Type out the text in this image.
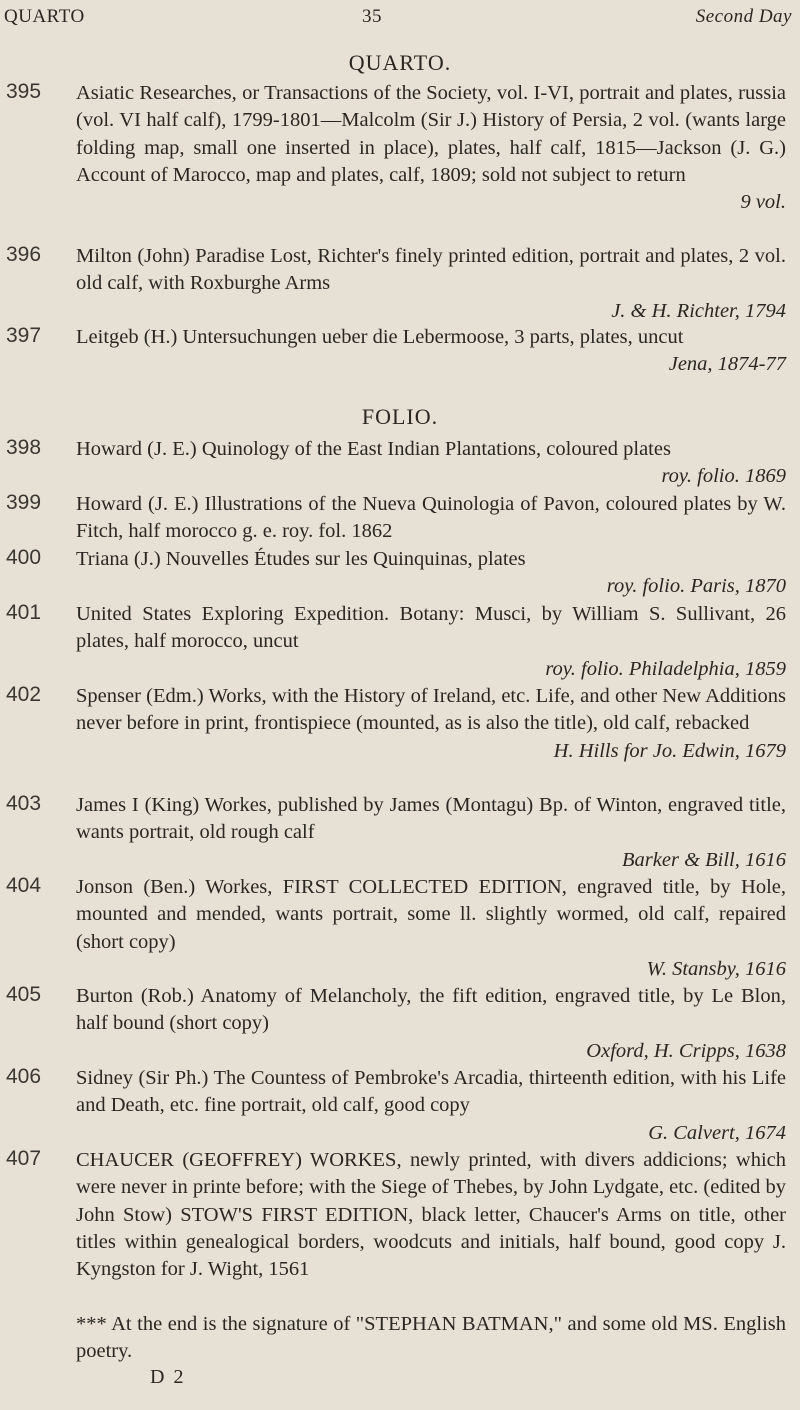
QUARTO	35	Second Day
QUARTO.
395 Asiatic Researches, or Transactions of the Society, vol. I-VI, portrait and plates, russia (vol. VI half calf), 1799-1801—Malcolm (Sir J.) History of Persia, 2 vol. (wants large folding map, small one inserted in place), plates, half calf, 1815—Jackson (J. G.) Account of Marocco, map and plates, calf, 1809; sold not subject to return
9 vol.
396 Milton (John) Paradise Lost, Richter's finely printed edition, portrait and plates, 2 vol. old calf, with Roxburghe Arms
J. & H. Richter, 1794
397 Leitgeb (H.) Untersuchungen ueber die Lebermoose, 3 parts, plates, uncut
Jena, 1874-77
FOLIO.
398 Howard (J. E.) Quinology of the East Indian Plantations, coloured plates
roy. folio. 1869
399 Howard (J. E.) Illustrations of the Nueva Quinologia of Pavon, coloured plates by W. Fitch, half morocco g. e. roy. fol. 1862
400 Triana (J.) Nouvelles Études sur les Quinquinas, plates
roy. folio. Paris, 1870
401 United States Exploring Expedition. Botany: Musci, by William S. Sullivant, 26 plates, half morocco, uncut
roy. folio. Philadelphia, 1859
402 Spenser (Edm.) Works, with the History of Ireland, etc. Life, and other New Additions never before in print, frontispiece (mounted, as is also the title), old calf, rebacked
H. Hills for Jo. Edwin, 1679
403 James I (King) Workes, published by James (Montagu) Bp. of Winton, engraved title, wants portrait, old rough calf
Barker & Bill, 1616
404 Jonson (Ben.) Workes, FIRST COLLECTED EDITION, engraved title, by Hole, mounted and mended, wants portrait, some ll. slightly wormed, old calf, repaired (short copy)
W. Stansby, 1616
405 Burton (Rob.) Anatomy of Melancholy, the fift edition, engraved title, by Le Blon, half bound (short copy)
Oxford, H. Cripps, 1638
406 Sidney (Sir Ph.) The Countess of Pembroke's Arcadia, thirteenth edition, with his Life and Death, etc. fine portrait, old calf, good copy
G. Calvert, 1674
407 CHAUCER (GEOFFREY) WORKES, newly printed, with divers addicions; which were never in printe before; with the Siege of Thebes, by John Lydgate, etc. (edited by John Stow) STOW'S FIRST EDITION, black letter, Chaucer's Arms on title, other titles within genealogical borders, woodcuts and initials, half bound, good copy J. Kyngston for J. Wight, 1561
*** At the end is the signature of "STEPHAN BATMAN," and some old MS. English poetry.
D 2
